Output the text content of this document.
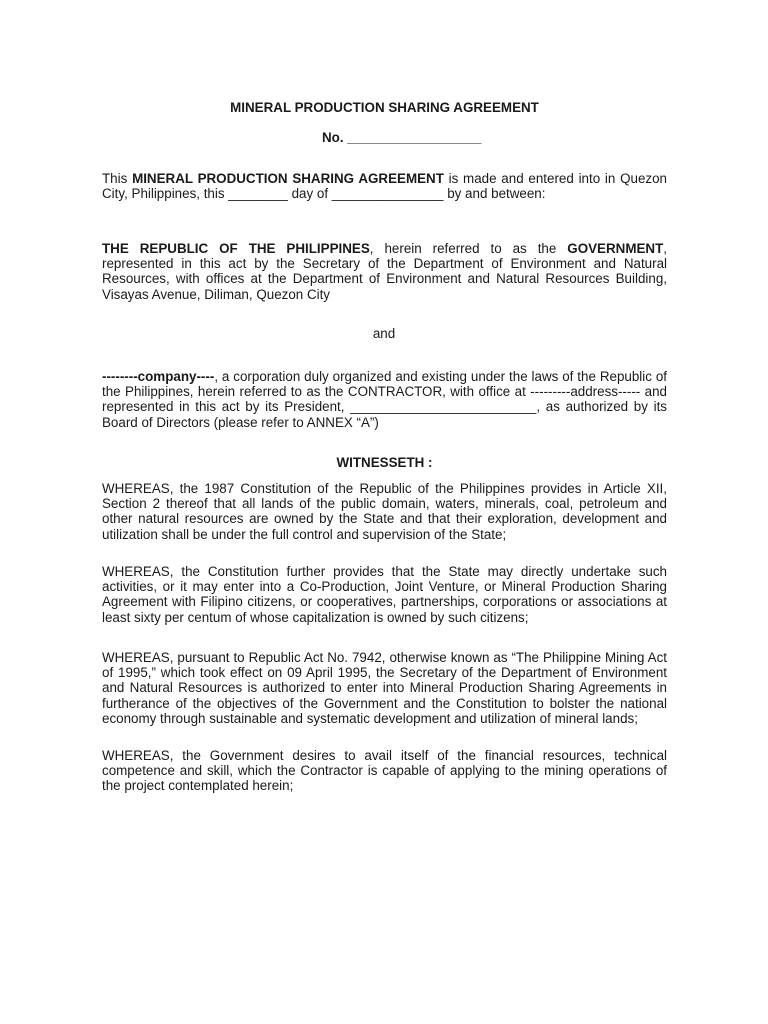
MINERAL PRODUCTION SHARING AGREEMENT

No. __________________

This MINERAL PRODUCTION SHARING AGREEMENT is made and entered into in Quezon City, Philippines, this ________ day of _______________ by and between:

THE REPUBLIC OF THE PHILIPPINES, herein referred to as the GOVERNMENT, represented in this act by the Secretary of the Department of Environment and Natural Resources, with offices at the Department of Environment and Natural Resources Building, Visayas Avenue, Diliman, Quezon City

and

--------company----, a corporation duly organized and existing under the laws of the Republic of the Philippines, herein referred to as the CONTRACTOR, with office at ---------address----- and represented in this act by its President, _________________________, as authorized by its Board of Directors (please refer to ANNEX “A”)

WITNESSETH :

WHEREAS, the 1987 Constitution of the Republic of the Philippines provides in Article XII, Section 2 thereof that all lands of the public domain, waters, minerals, coal, petroleum and other natural resources are owned by the State and that their exploration, development and utilization shall be under the full control and supervision of the State;

WHEREAS, the Constitution further provides that the State may directly undertake such activities, or it may enter into a Co-Production, Joint Venture, or Mineral Production Sharing Agreement with Filipino citizens, or cooperatives, partnerships, corporations or associations at least sixty per centum of whose capitalization is owned by such citizens;

WHEREAS, pursuant to Republic Act No. 7942, otherwise known as “The Philippine Mining Act of 1995,” which took effect on 09 April 1995, the Secretary of the Department of Environment and Natural Resources is authorized to enter into Mineral Production Sharing Agreements in furtherance of the objectives of the Government and the Constitution to bolster the national economy through sustainable and systematic development and utilization of mineral lands;

WHEREAS, the Government desires to avail itself of the financial resources, technical competence and skill, which the Contractor is capable of applying to the mining operations of the project contemplated herein;
